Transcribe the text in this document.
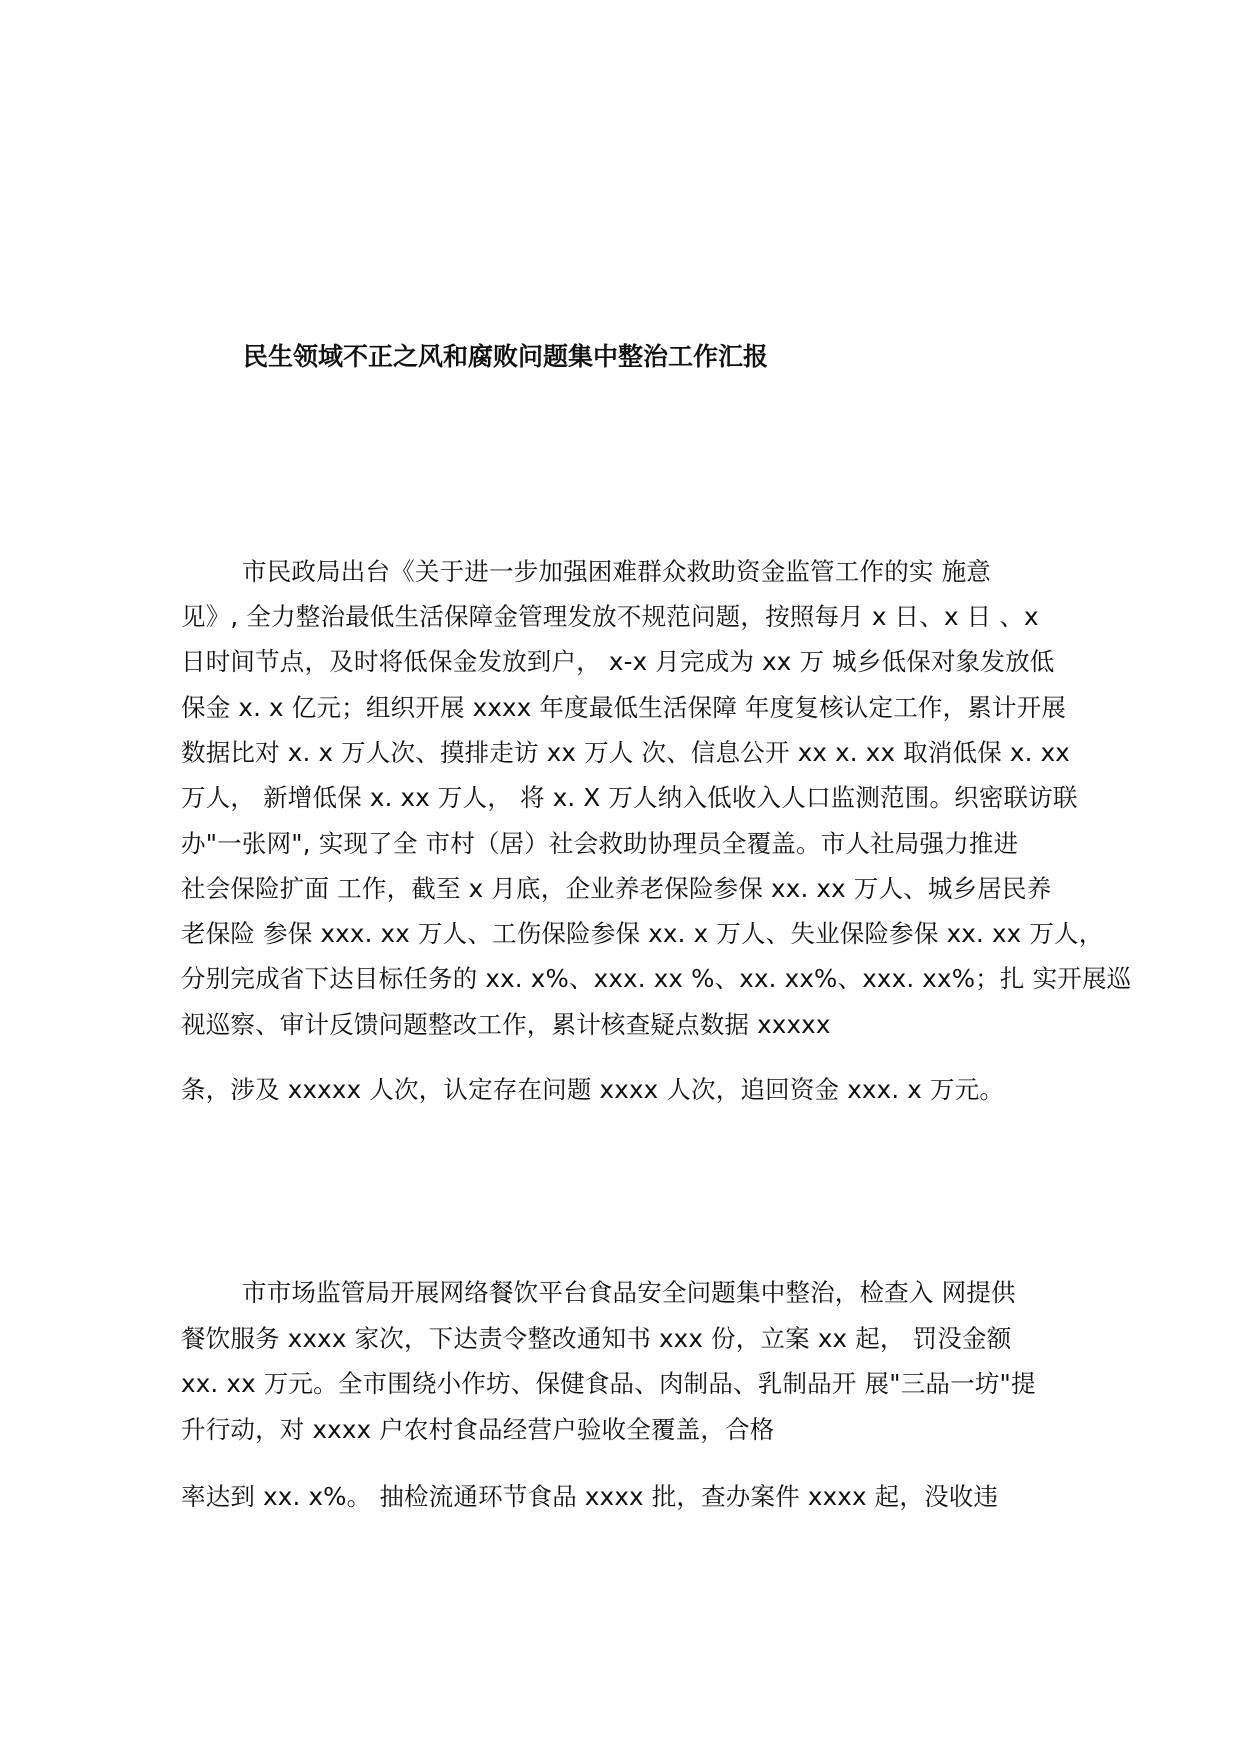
民生领域不正之风和腐败问题集中整治工作汇报
市民政局出台《关于进一步加强困难群众救助资金监管工作的实 施意
见》, 全力整治最低生活保障金管理发放不规范问题，按照每月 x 日、x 日 、x
日时间节点，及时将低保金发放到户， x-x 月完成为 xx 万 城乡低保对象发放低
保金 x. x 亿元；组织开展 xxxx 年度最低生活保障 年度复核认定工作，累计开展
数据比对 x. x 万人次、摸排走访 xx 万人 次、信息公开 xx x. xx 取消低保 x. xx
万人， 新增低保 x. xx 万人， 将 x. X 万人纳入低收入人口监测范围。织密联访联
办"一张网", 实现了全 市村（居）社会救助协理员全覆盖。市人社局强力推进
社会保险扩面 工作，截至 x 月底，企业养老保险参保 xx. xx 万人、城乡居民养
老保险 参保 xxx. xx 万人、工伤保险参保 xx. x 万人、失业保险参保 xx. xx 万人，
分别完成省下达目标任务的 xx. x%、xxx. xx %、xx. xx%、xxx. xx%；扎 实开展巡
视巡察、审计反馈问题整改工作，累计核查疑点数据 xxxxx
条，涉及 xxxxx 人次，认定存在问题 xxxx 人次，追回资金 xxx. x 万元。
市市场监管局开展网络餐饮平台食品安全问题集中整治，检查入 网提供
餐饮服务 xxxx 家次，下达责令整改通知书 xxx 份，立案 xx 起， 罚没金额
xx. xx 万元。全市围绕小作坊、保健食品、肉制品、乳制品开 展"三品一坊"提
升行动，对 xxxx 户农村食品经营户验收全覆盖，合格
率达到 xx. x%。 抽检流通环节食品 xxxx 批，查办案件 xxxx 起，没收违
